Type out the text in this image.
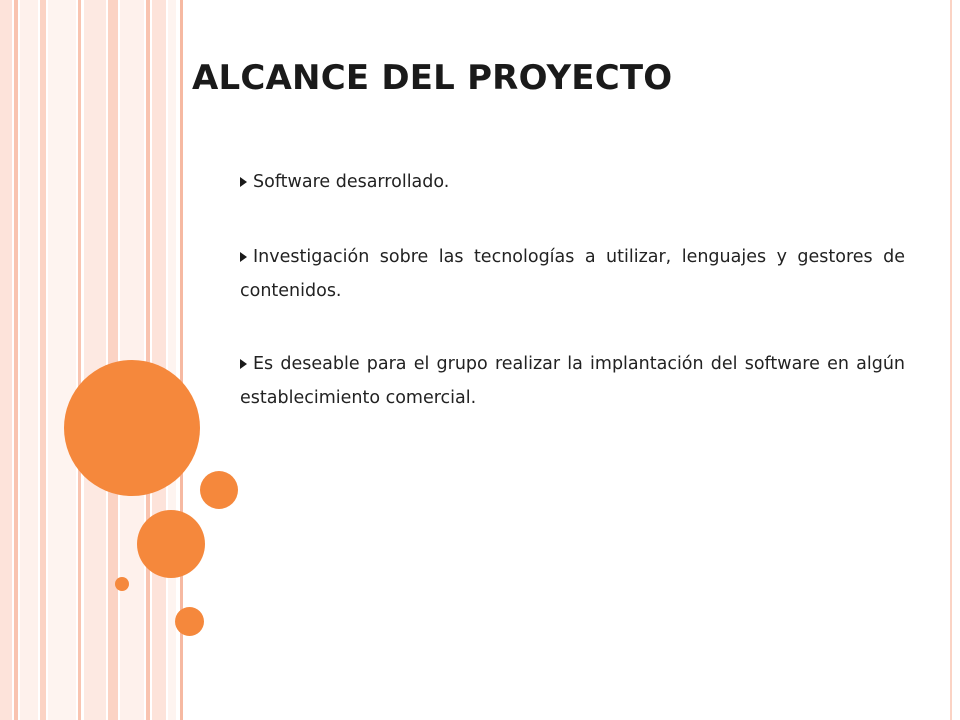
ALCANCE DEL PROYECTO
Software desarrollado.
Investigación sobre las tecnologías a utilizar, lenguajes y gestores de contenidos.
Es deseable para el grupo realizar la implantación del software en algún establecimiento comercial.
